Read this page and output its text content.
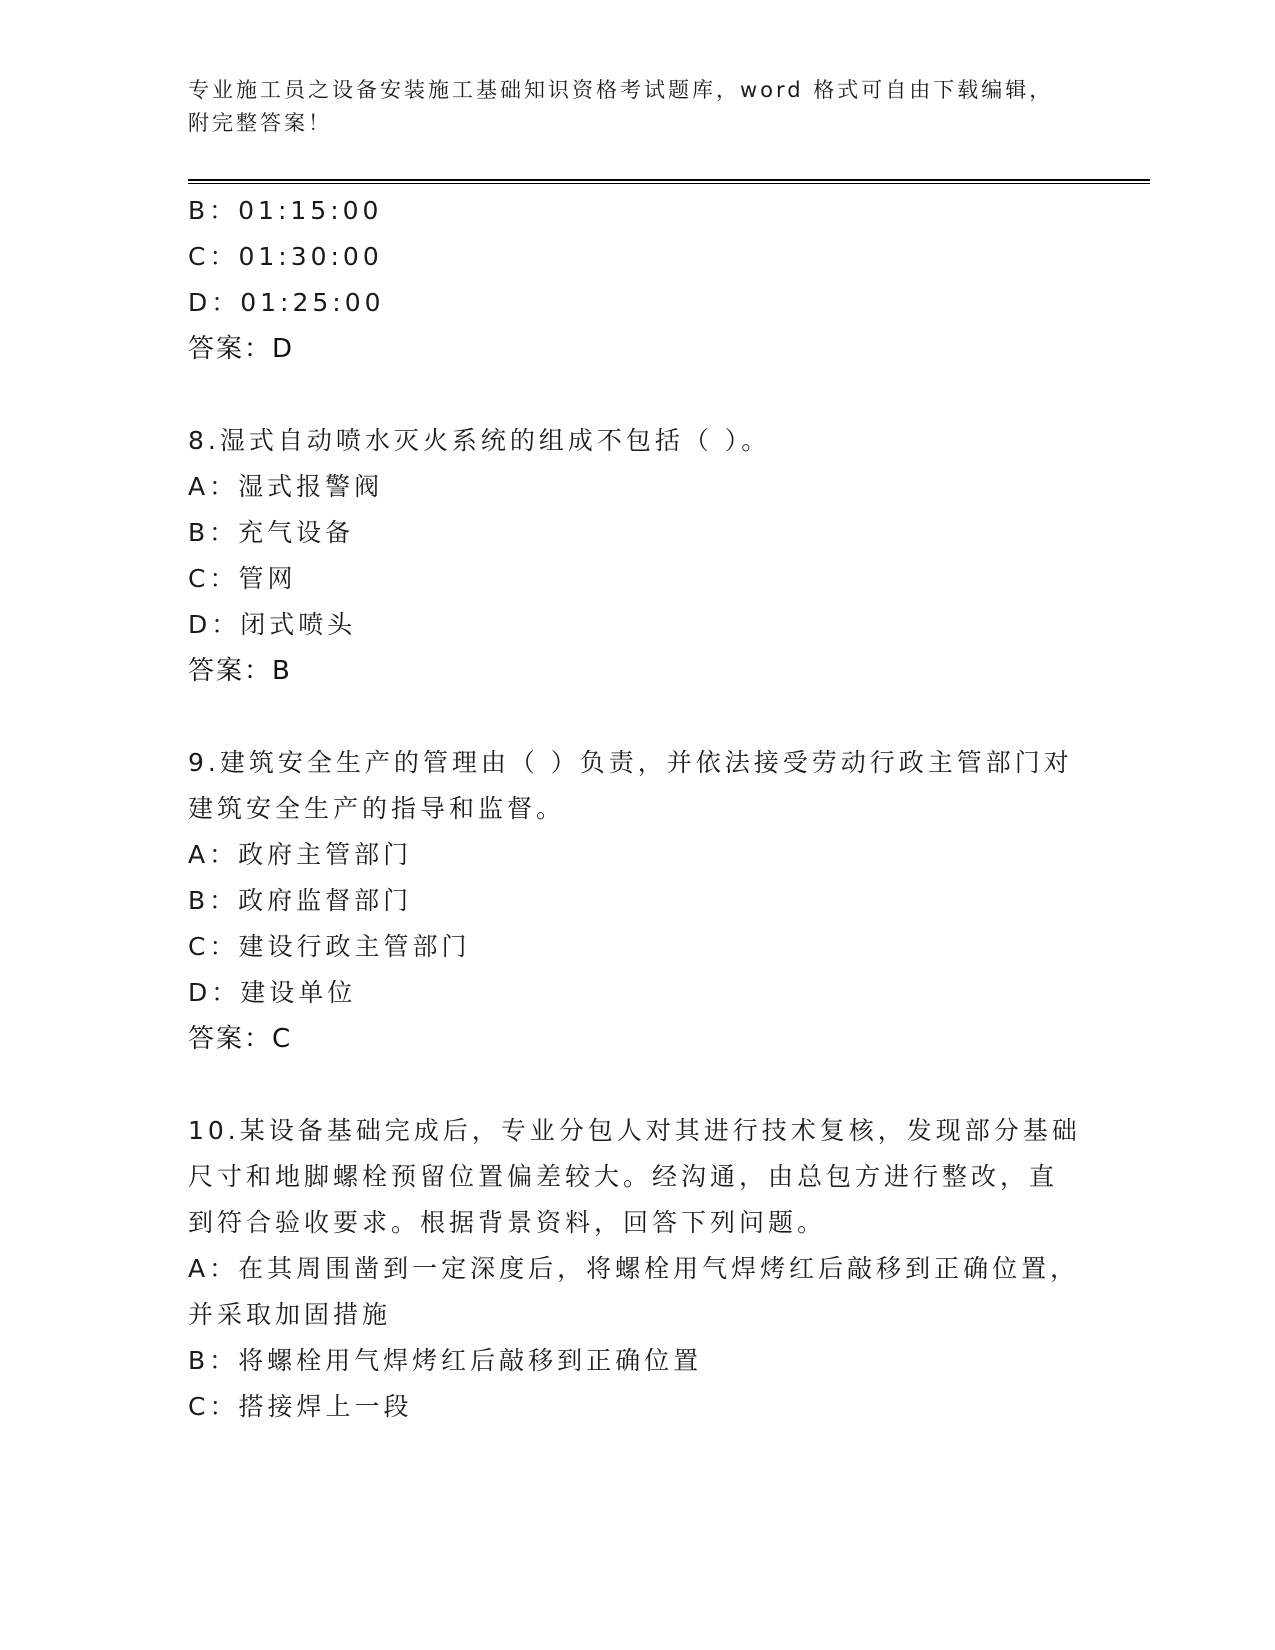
专业施工员之设备安装施工基础知识资格考试题库，word 格式可自由下载编辑，
附完整答案！
B：01:15:00
C：01:30:00
D：01:25:00
答案：D
8.湿式自动喷水灭火系统的组成不包括（ ）。
A：湿式报警阀
B：充气设备
C：管网
D：闭式喷头
答案：B
9.建筑安全生产的管理由（ ）负责，并依法接受劳动行政主管部门对
建筑安全生产的指导和监督。
A：政府主管部门
B：政府监督部门
C：建设行政主管部门
D：建设单位
答案：C
10.某设备基础完成后，专业分包人对其进行技术复核，发现部分基础
尺寸和地脚螺栓预留位置偏差较大。经沟通，由总包方进行整改，直
到符合验收要求。根据背景资料，回答下列问题。
A：在其周围凿到一定深度后，将螺栓用气焊烤红后敲移到正确位置，
并采取加固措施
B：将螺栓用气焊烤红后敲移到正确位置
C：搭接焊上一段
